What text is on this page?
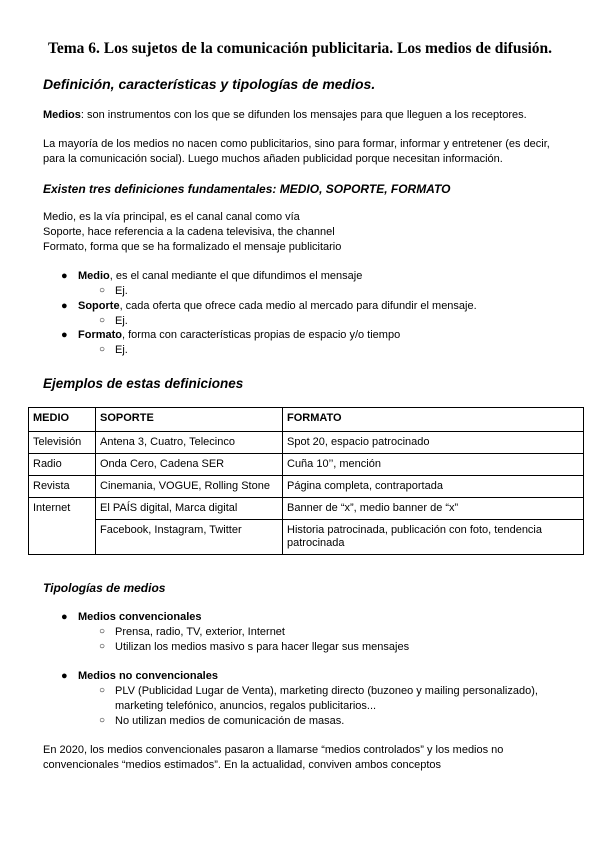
Tema 6. Los sujetos de la comunicación publicitaria. Los medios de difusión.
Definición, características y tipologías de medios.
Medios: son instrumentos con los que se difunden los mensajes para que lleguen a los receptores.
La mayoría de los medios no nacen como publicitarios, sino para formar, informar y entretener (es decir, para la comunicación social). Luego muchos añaden publicidad porque necesitan información.
Existen tres definiciones fundamentales: MEDIO, SOPORTE, FORMATO
Medio, es la vía principal, es el canal canal como vía
Soporte, hace referencia a la cadena televisiva, the channel
Formato, forma que se ha formalizado el mensaje publicitario
● Medio, es el canal mediante el que difundimos el mensaje
○ Ej.
● Soporte, cada oferta que ofrece cada medio al mercado para difundir el mensaje.
○ Ej.
● Formato, forma con características propias de espacio y/o tiempo
○ Ej.
Ejemplos de estas definiciones
MEDIO	SOPORTE	FORMATO
Televisión	Antena 3, Cuatro, Telecinco	Spot 20, espacio patrocinado
Radio	Onda Cero, Cadena SER	Cuña 10’’, mención
Revista	Cinemania, VOGUE, Rolling Stone	Página completa, contraportada
Internet	El PAÍS digital, Marca digital	Banner de “x”, medio banner de “x”
	Facebook, Instagram, Twitter	Historia patrocinada, publicación con foto, tendencia patrocinada
Tipologías de medios
● Medios convencionales
○ Prensa, radio, TV, exterior, Internet
○ Utilizan los medios masivo s para hacer llegar sus mensajes
● Medios no convencionales
○ PLV (Publicidad Lugar de Venta), marketing directo (buzoneo y mailing personalizado), marketing telefónico, anuncios, regalos publicitarios...
○ No utilizan medios de comunicación de masas.
En 2020, los medios convencionales pasaron a llamarse “medios controlados” y los medios no convencionales “medios estimados”. En la actualidad, conviven ambos conceptos
